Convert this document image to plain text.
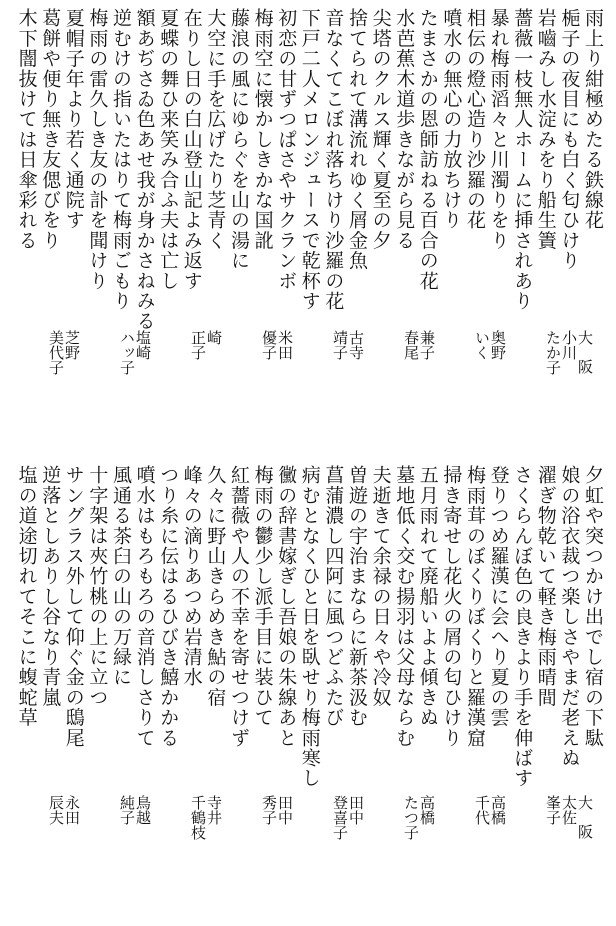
雨上り紺極めたる鉄線花
梔子の夜目にも白く匂ひけり
岩嚙みし水淀みをり船生簀
薔薇一枝無人ホームに挿されあり
暴れ梅雨滔々と川濁りをり
相伝の燈心造り沙羅の花
噴水の無心の力放ちけり
たまさかの恩師訪ねる百合の花
水芭蕉木道歩きながら見る
尖塔のクルス輝く夏至の夕
捨てられて溝流れゆく屑金魚
音なくてこぼれ落ちけり沙羅の花
下戸二人メロンジュースで乾杯す
初恋の甘ずつぱさやサクランボ
梅雨空に懐かしきかな国訛
藤浪の風にゆらぐを山の湯に
大空に手を広げたり芝青く
在りし日の白山登山記よみ返す
夏蝶の舞ひ来笑み合ふ夫は亡し
額あぢさゐ色あせ我が身かさねみる
逆むけの指いたはりて梅雨ごもり
梅雨の雷久しき友の訃を聞けり
夏帽子年より若く通院す
葛餅や便り無き友偲びをり
木下闇抜けては日傘彩れる
大阪
小川
たか子
奥野
いく
兼子
春尾
古寺
靖子
米田
優子
崎
正子
塩崎
ハッ子
芝野
美代子
夕虹や突つかけ出でし宿の下駄
娘の浴衣裁つ楽しさやまだ老えぬ
濯ぎ物乾いて軽き梅雨晴間
さくらんぼ色の良きより手を伸ばす
登りつめ羅漢に会へり夏の雲
梅雨茸のぼくりぼくりと羅漢窟
掃き寄せし花火の屑の匂ひけり
五月雨れて廃船いよよ傾きぬ
墓地低く交む揚羽は父母ならむ
夫逝きて余禄の日々や冷奴
曽遊の宇治まならに新茶汲む
菖蒲濃し四阿に風つどふたび
病むとなくひと日を臥せり梅雨寒し
黴の辞書嫁ぎし吾娘の朱線あと
梅雨の鬱少し派手目に装ひて
紅薔薇や人の不幸を寄せつけず
久々に野山きらめき鮎の宿
峰々の滴りあつめ岩清水
つり糸に伝はるひびき鱚かかる
噴水はもろもろの音消しさりて
風通る茶臼の山の万緑に
十字架は夾竹桃の上に立つ
サングラス外して仰ぐ金の鴟尾
逆落としありし谷なり青嵐
塩の道途切れてそこに蝮蛇草
大阪
太佐
峯子
高橋
千代
高橋
たつ子
田中
登喜子
田中
秀子
寺井
千鶴枝
鳥越
純子
永田
辰夫
